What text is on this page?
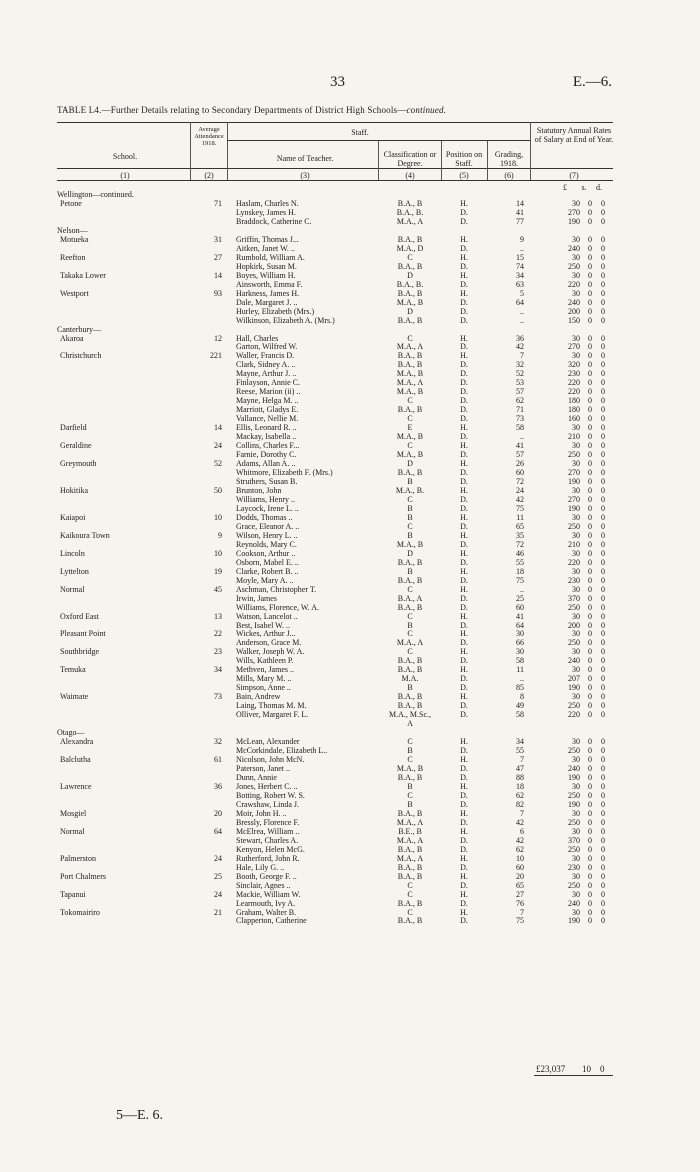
33	E.—6.
TABLE L4.—Further Details relating to Secondary Departments of District High Schools—continued.
School.
Average Attendance 1918.
Staff.
Name of Teacher.	Classification or Degree.
Position on Staff.
Grading, 1918.
Statutory Annual Rates of Salary at End of Year.
(1)	(2)	(3)	(4)	(5)	(6)	(7)
£	s.	d.
Wellington—continued.
Petone	71 Haslam, Charles N.	B.A., B	H.	14	30	0	0
Lynskey, James H.	B.A., B.	D.	41	270	0	0
Braddock, Catherine C.	M.A., A	D.	77	190	0	0
Nelson—
Motueka	31 Griffin, Thomas J...	B.A., B	H.	9	30	0	0
Aitken, Janet W. ..	M.A., D	D.	..	240	0	0
Reefton	27 Rumbold, William A.	C	H.	15	30	0	0
Hopkirk, Susan M.	B.A., B	D.	74	250	0	0
Takaka Lower	14 Boyes, William H.	D	H.	34	30	0	0
Ainsworth, Emma F.	B.A., B.	D.	63	220	0	0
Westport	93 Harkness, James H.	B.A., B	H.	5	30	0	0
Dale, Margaret J. ..	M.A., B	D.	64	240	0	0
Hurley, Elizabeth (Mrs.)	D	D.	..	200	0	0
Wilkinson, Elizabeth A. (Mrs.)	B.A., B	D.	..	150	0	0
Canterbury—
Akaroa	12 Hall, Charles	C	H.	36	30	0	0
Garton, Wilfred W.	M.A., A	D.	42	270	0	0
Christchurch	221 Waller, Francis D.	B.A., B	H.	7	30	0	0
Clark, Sidney A. ..	B.A., B	D.	32	320	0	0
Mayne, Arthur J. ..	M.A., B	D.	52	230	0	0
Finlayson, Annie C.	M.A., A	D.	53	220	0	0
Reese, Marion (ii) ..	M.A., B	D.	57	220	0	0
Mayne, Helga M. ..	C	D.	62	180	0	0
Marriott, Gladys E.	B.A., B	D.	71	180	0	0
Vallance, Nellie M.	C	D.	73	160	0	0
Darfield	14 Ellis, Leonard R. ..	E	H.	58	30	0	0
Mackay, Isabella ..	M.A., B	D.	..	210	0	0
Geraldine	24 Collins, Charles F...	C	H.	41	30	0	0
Farnie, Dorothy C.	M.A., B	D.	57	250	0	0
Greymouth	52 Adams, Allan A. ..	D	H.	26	30	0	0
Whitmore, Elizabeth F. (Mrs.)	B.A., B	D.	60	270	0	0
Struthers, Susan B.	B	D.	72	190	0	0
Hokitika	50 Brunton, John	M.A., B.	H.	24	30	0	0
Williams, Henry ..	C	D.	42	270	0	0
Laycock, Irene L. ..	B	D.	75	190	0	0
Kaiapoi	10 Dodds, Thomas ..	B	H.	11	30	0	0
Grace, Eleanor A. ..	C	D.	65	250	0	0
Kaikoura Town	9 Wilson, Henry L. ..	B	H.	35	30	0	0
Reynolds, Mary C.	M.A., B	D.	72	210	0	0
Lincoln	10 Cookson, Arthur ..	D	H.	46	30	0	0
Osborn, Mabel E. ..	B.A., B	D.	55	220	0	0
Lyttelton	19 Clarke, Robert B. ..	B	H.	18	30	0	0
Moyle, Mary A. ..	B.A., B	D.	75	230	0	0
Normal	45 Aschman, Christopher T.	C	H.	..	30	0	0
Irwin, James	B.A., A	D.	25	370	0	0
Williams, Florence, W. A.	B.A., B	D.	60	250	0	0
Oxford East	13 Watson, Lancelot ..	C	H.	41	30	0	0
Best, Isabel W. ..	B	D.	64	200	0	0
Pleasant Point	22 Wickes, Arthur J...	C	H.	30	30	0	0
Anderson, Grace M.	M.A., A	D.	66	250	0	0
Southbridge	23 Walker, Joseph W. A.	C	H.	30	30	0	0
Wills, Kathleen P.	B.A., B	D.	58	240	0	0
Temuka	34 Methven, James ..	B.A., B	H.	11	30	0	0
Mills, Mary M. ..	M.A.	D.	..	207	0	0
Simpson, Anne ..	B	D.	85	190	0	0
Waimate	73 Bain, Andrew	B.A., B	H.	8	30	0	0
Laing, Thomas M. M.	B.A., B	D.	49	250	0	0
Olliver, Margaret F. L.	M.A., M.Sc.,	D.	58	220	0	0
A
Otago—
Alexandra	32 McLean, Alexander	C	H.	34	30	0	0
McCorkindale, Elizabeth L..	B	D.	55	250	0	0
Balclutha	61 Nicolson, John McN.	C	H.	7	30	0	0
Paterson, Janet ..	M.A., B	D.	47	240	0	0
Dunn, Annie	B.A., B	D.	88	190	0	0
Lawrence	36 Jones, Herbert C. ..	B	H.	18	30	0	0
Botting, Robert W. S.	C	D.	62	250	0	0
Crawshaw, Linda J.	B	D.	82	190	0	0
Mosgiel	20 Moir, John H. ..	B.A., B	H.	7	30	0	0
Bressly, Florence F.	M.A., A	D.	42	250	0	0
Normal	64 McElrea, William ..	B.E., B	H.	6	30	0	0
Stewart, Charles A.	M.A., A	D.	42	370	0	0
Kenyon, Helen McG.	B.A., B	D.	62	250	0	0
Palmerston	24 Rutherford, John R.	M.A., A	H.	10	30	0	0
Hale, Lily G. ..	B.A., B	D.	60	230	0	0
Port Chalmers	25 Booth, George F. ..	B.A., B	H.	20	30	0	0
Sinclair, Agnes ..	C	D.	65	250	0	0
Tapanui	24 Mackie, William W.	C	H.	27	30	0	0
Learmouth, Ivy A.	B.A., B	D.	76	240	0	0
Tokomairiro	21 Graham, Walter B.	C	H.	7	30	0	0
Clapperton, Catherine	B.A., B	D.	75	190	0	0
£23,037 10 0
5—E. 6.
